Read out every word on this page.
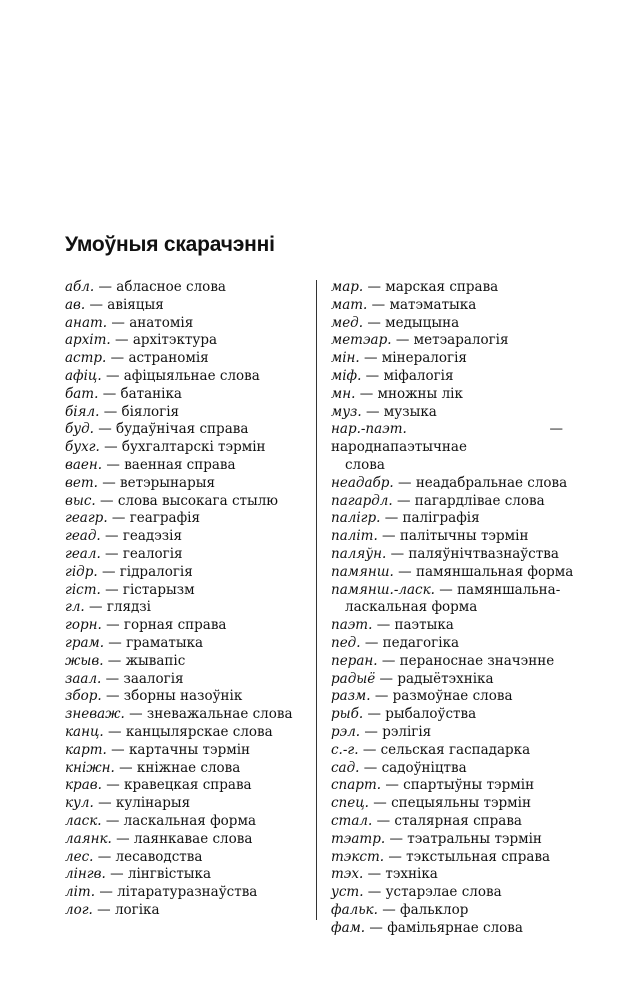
Умоўныя скарачэнні
абл. — абласное слова
ав. — авіяцыя
анат. — анатомія
архіт. — архітэктура
астр. — астраномія
афіц. — афіцыяльнае слова
бат. — батаніка
біял. — біялогія
буд. — будаўнічая справа
бухг. — бухгалтарскі тэрмін
ваен. — ваенная справа
вет. — ветэрынарыя
выс. — слова высокага стылю
геагр. — геаграфія
геад. — геадэзія
геал. — геалогія
гідр. — гідралогія
гіст. — гістарызм
гл. — глядзі
горн. — горная справа
грам. — граматыка
жыв. — жывапіс
заал. — заалогія
збор. — зборны назоўнік
зневаж. — зневажальнае слова
канц. — канцылярскае слова
карт. — картачны тэрмін
кніжн. — кніжнае слова
крав. — кравецкая справа
кул. — кулінарыя
ласк. — ласкальная форма
лаянк. — лаянкавае слова
лес. — лесаводства
лінгв. — лінгвістыка
літ. — літаратуразнаўства
лог. — логіка
мар. — марская справа
мат. — матэматыка
мед. — медыцына
метэар. — метэаралогія
мін. — мінералогія
міф. — міфалогія
мн. — множны лік
муз. — музыка
нар.-паэт.	— народнапаэтычнае
слова
неадабр. — неадабральнае слова
пагардл. — пагардлівае слова
палігр. — паліграфія
паліт. — палітычны тэрмін
паляўн. — паляўнічтвазнаўства
памянш. — памяншальная форма
памянш.-ласк. — памяншальна-
ласкальная форма
паэт. — паэтыка
пед. — педагогіка
перан. — пераноснае значэнне
радыё — радыётэхніка
разм. — размоўнае слова
рыб. — рыбалоўства
рэл. — рэлігія
с.-г. — сельская гаспадарка
сад. — садоўніцтва
спарт. — спартыўны тэрмін
спец. — спецыяльны тэрмін
стал. — сталярная справа
тэатр. — тэатральны тэрмін
тэкст. — тэкстыльная справа
тэх. — тэхніка
уст. — устарэлае слова
фальк. — фальклор
фам. — фамільярнае слова
